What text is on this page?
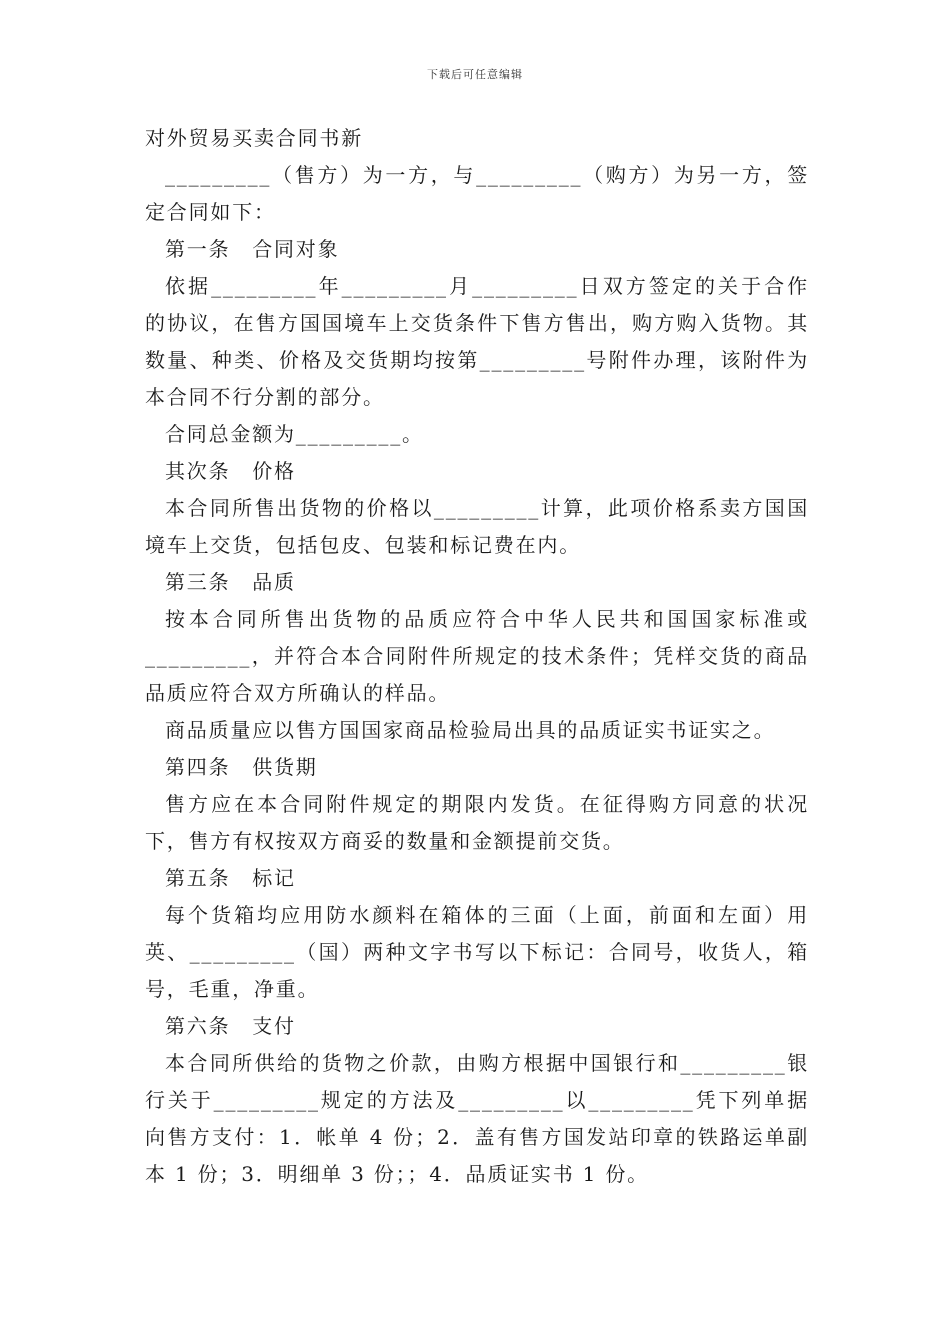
下载后可任意编辑

对外贸易买卖合同书新

_________（售方）为一方，与_________（购方）为另一方，签定合同如下：

第一条　合同对象

依据_________年_________月_________日双方签定的关于合作的协议，在售方国国境车上交货条件下售方售出，购方购入货物。其数量、种类、价格及交货期均按第_________号附件办理，该附件为本合同不行分割的部分。

合同总金额为_________。

其次条　价格

本合同所售出货物的价格以_________计算，此项价格系卖方国国境车上交货，包括包皮、包装和标记费在内。

第三条　品质

按本合同所售出货物的品质应符合中华人民共和国国家标准或_________，并符合本合同附件所规定的技术条件；凭样交货的商品品质应符合双方所确认的样品。

商品质量应以售方国国家商品检验局出具的品质证实书证实之。

第四条　供货期

售方应在本合同附件规定的期限内发货。在征得购方同意的状况下，售方有权按双方商妥的数量和金额提前交货。

第五条　标记

每个货箱均应用防水颜料在箱体的三面（上面，前面和左面）用英、_________（国）两种文字书写以下标记：合同号，收货人，箱号，毛重，净重。

第六条　支付

本合同所供给的货物之价款，由购方根据中国银行和_________银行关于_________规定的方法及_________以_________凭下列单据向售方支付：1．帐单 4 份；2．盖有售方国发站印章的铁路运单副本 1 份；3．明细单 3 份；；4．品质证实书 1 份。
